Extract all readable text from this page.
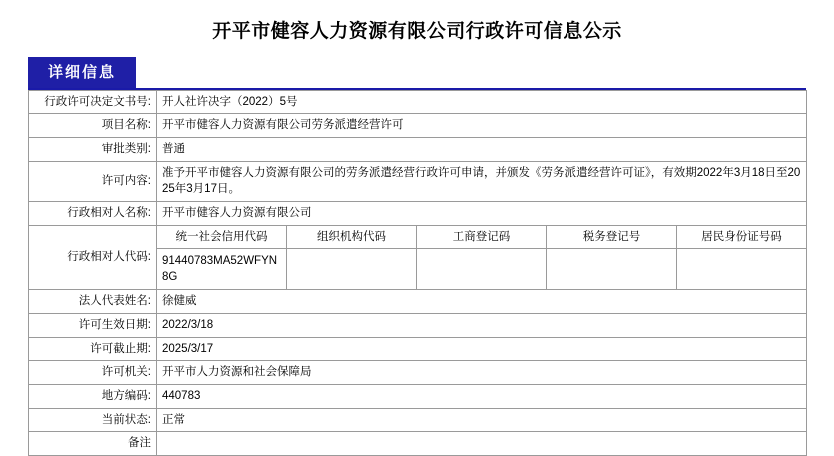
开平市健容人力资源有限公司行政许可信息公示
详细信息
行政许可决定文书号:	开人社许决字（2022）5号				
项目名称:	开平市健容人力资源有限公司劳务派遣经营许可				
审批类别:	普通				
许可内容:	准予开平市健容人力资源有限公司的劳务派遣经营行政许可申请，并颁发《劳务派遣经营许可证》，有效期2022年3月18日至2025年3月17日。				
行政相对人名称:	开平市健容人力资源有限公司				
行政相对人代码:	统一社会信用代码	组织机构代码	工商登记码	税务登记号	居民身份证号码
	91440783MA52WFYN8G				
法人代表姓名:	徐健威				
许可生效日期:	2022/3/18				
许可截止期:	2025/3/17				
许可机关:	开平市人力资源和社会保障局				
地方编码:	440783				
当前状态:	正常				
备注					
